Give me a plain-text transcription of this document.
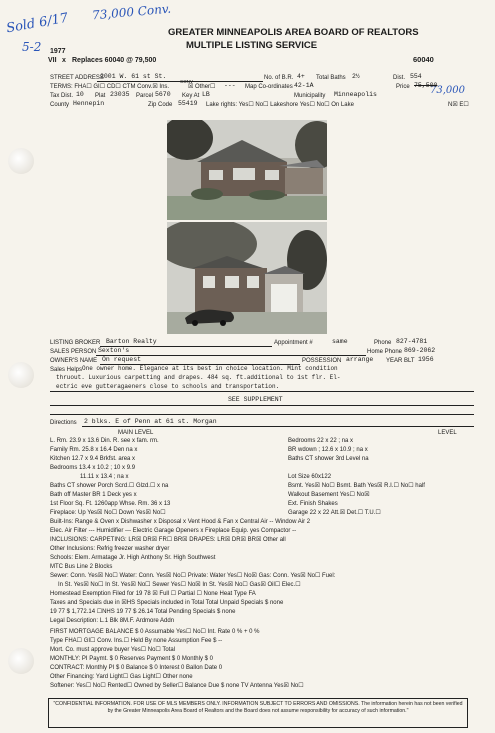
Sold 6/17 73,000 Conv.
5-2
73,000
1977
VII x Replaces 60040 @ 79,500
GREATER MINNEAPOLIS AREA BOARD OF REALTORS
MULTIPLE LISTING SERVICE
60040
STREET ADDRESS
2001 W. 61 st St.	No. of B.R. 4+ Total Baths 2½	Dist. 554
TERMS: FHA☐ GI☐ CD☐ CTM Conv.☒ Ins.
CONV
☒ Other☐ --- Map Co-ordinates 42-1A	Price 75,500
Tax Dist. 10 Plat 23035 Parcel 5670 Key At LB	Municipality Minneapolis
County Hennepin	Zip Code 55419 Lake rights: Yes☐ No☐ Lakeshore Yes☐ No☐ On Lake	N☒ E☐
LISTING BROKER Barton Realty	Appointment #	same	Phone 827-4781
SALES PERSON Sexton's	Home Phone 869-2062
OWNER'S NAME On request	POSSESSION arrange YEAR BLT 1956
Sales Helps One owner home. Elegance at its best in choice location. Mint condition
thruout. Luxurious carpetting and drapes. 484 sq. ft.additional to 1st flr. El-
ectric eve gutteragaeners close to schools and transportation.
SEE SUPPLEMENT
Directions 2 blks. E of Penn at 61 st. Morgan
MAIN LEVEL	LEVEL
L. Rm. 23.9 x 13.6 Din. R. see x fam. rm.
Family Rm. 25.8 x 16.4 Den na x
Kitchen 12.7 x 9.4 Brkfst. area x
Bedrooms 13.4 x 10.2 ; 10 x 9.9
11.11 x 13.4 ; na x
Baths CT shower Porch Scrd.☐ Glzd.☐ x na
Bath off Master BR 1 Deck yes x
1st Floor Sq. Ft. 1260app Whse. Rm. 36 x 13
Fireplace: Up Yes☒ No☐ Down Yes☒ No☐
Bedrooms 22 x 22 ; na x
BR wdown ; 12.6 x 10.9 ; na x
Baths CT shower 3rd Level na
Lot Size 60x122
Bsmt. Yes☒ No☐ Bsmt. Bath Yes☒ R.I.☐ No☐ half
Walkout Basement Yes☐ No☒
Ext. Finish Shakes
Garage 22 x 22 Att.☒ Det.☐ T.U.☐
Built-Ins: Range & Oven x Dishwasher x Disposal x Vent Hood & Fan x Central Air -- Window Air 2
Elec. Air Filter --- Humidifier --- Electric Garage Openers x Fireplace Equip. yes Compactor --
INCLUSIONS: CARPETING: LR☒ DR☒ FR☐ BR☒ DRAPES: LR☒ DR☒ BR☒ Other all
Other Inclusions: Refrig freezer washer dryer
Schools: Elem. Armatage Jr. High Anthony Sr. High Southwest
MTC Bus Line 2 Blocks
Sewer: Conn. Yes☒ No☐ Water: Conn. Yes☒ No☐ Private: Water Yes☐ No☒ Gas: Conn. Yes☒ No☐ Fuel:
In St. Yes☒ No☐ In St. Yes☒ No☐ Sewer Yes☐ No☒ In St. Yes☒ No☐ Gas☒ Oil☐ Elec.☐
Homestead Exemption Filed for 19 78 ☒ Full ☐ Partial ☐ None Heat Type FA
Taxes and Specials due in ☒HS Specials included in Total Total Unpaid Specials $ none
19 77 $ 1,772.14 ☐NHS 19 77 $ 26.14 Total Pending Specials $ none
Legal Description: L.1 Blk 8M.F. Ardmore Addn
FIRST MORTGAGE BALANCE $ 0 Assumable Yes☐ No☐ Int. Rate 0 % + 0 %
Type FHA☐ GI☐ Conv. Ins.☐ Held By none Assumption Fee $ --
Mort. Co. must approve buyer Yes☐ No☐ Total
MONTHLY: PI Paymt. $ 0 Reserves Payment $ 0 Monthly $ 0
CONTRACT: Monthly PI $ 0 Balance $ 0 Interest 0 Ballon Date 0
Other Financing: Yard Light☐ Gas Light☐ Other none
Softener: Yes☐ No☐ Rented☐ Owned by Seller☐ Balance Due $ none TV Antenna Yes☒ No☐
"CONFIDENTIAL INFORMATION. FOR USE OF MLS MEMBERS ONLY. INFORMATION SUBJECT TO ERRORS AND OMISSIONS. The information herein has not been verified by the Greater Minneapolis Area Board of Realtors and the Board does not assume responsibility for accuracy of such information."
